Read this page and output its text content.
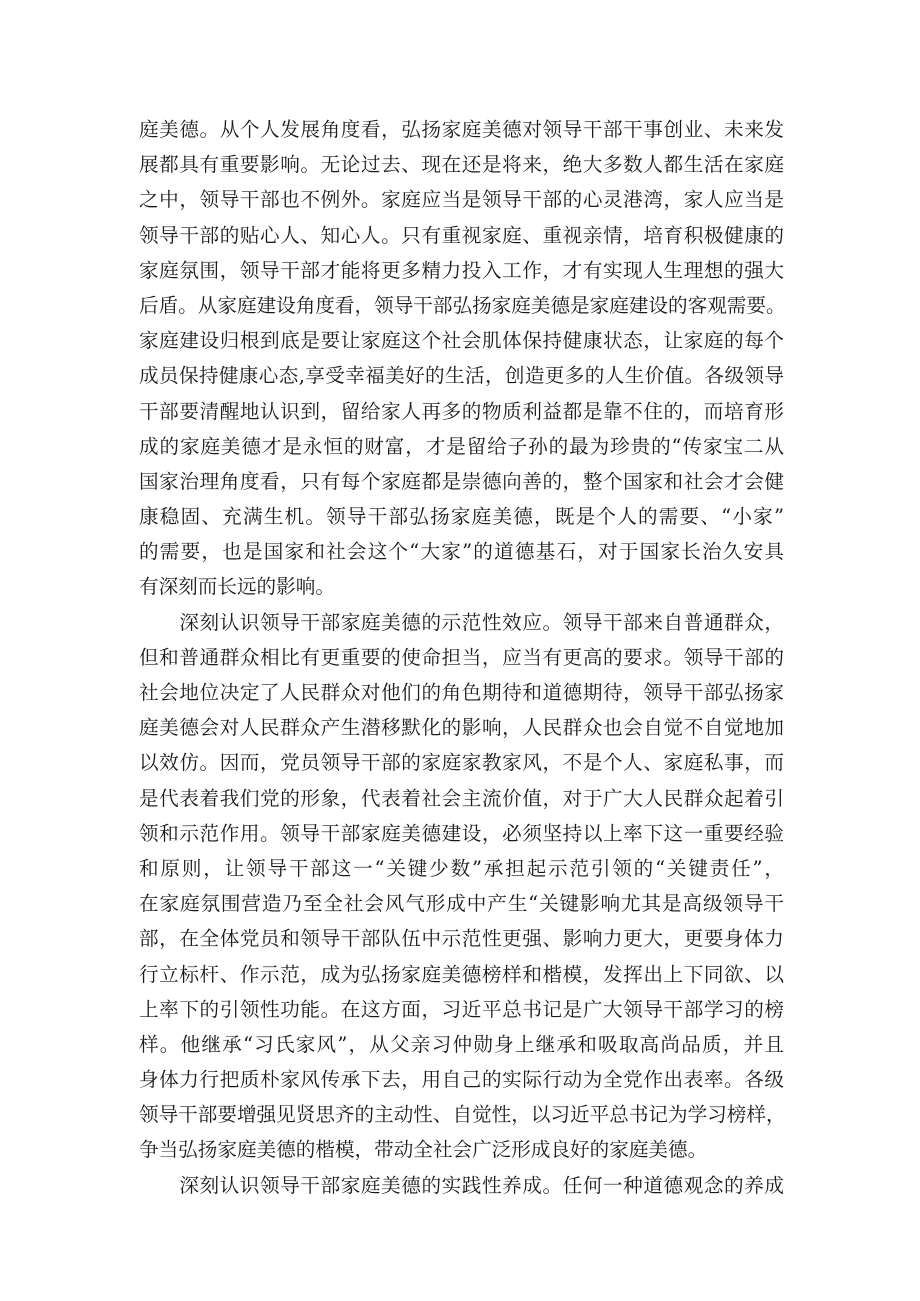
庭美德。从个人发展角度看，弘扬家庭美德对领导干部干事创业、未来发
展都具有重要影响。无论过去、现在还是将来，绝大多数人都生活在家庭
之中，领导干部也不例外。家庭应当是领导干部的心灵港湾，家人应当是
领导干部的贴心人、知心人。只有重视家庭、重视亲情，培育积极健康的
家庭氛围，领导干部才能将更多精力投入工作，才有实现人生理想的强大
后盾。从家庭建设角度看，领导干部弘扬家庭美德是家庭建设的客观需要。
家庭建设归根到底是要让家庭这个社会肌体保持健康状态，让家庭的每个
成员保持健康心态,享受幸福美好的生活，创造更多的人生价值。各级领导
干部要清醒地认识到，留给家人再多的物质利益都是靠不住的，而培育形
成的家庭美德才是永恒的财富，才是留给子孙的最为珍贵的“传家宝二从
国家治理角度看，只有每个家庭都是崇德向善的，整个国家和社会才会健
康稳固、充满生机。领导干部弘扬家庭美德，既是个人的需要、“小家”
的需要，也是国家和社会这个“大家”的道德基石，对于国家长治久安具
有深刻而长远的影响。
　　深刻认识领导干部家庭美德的示范性效应。领导干部来自普通群众，
但和普通群众相比有更重要的使命担当，应当有更高的要求。领导干部的
社会地位决定了人民群众对他们的角色期待和道德期待，领导干部弘扬家
庭美德会对人民群众产生潜移默化的影响，人民群众也会自觉不自觉地加
以效仿。因而，党员领导干部的家庭家教家风，不是个人、家庭私事，而
是代表着我们党的形象，代表着社会主流价值，对于广大人民群众起着引
领和示范作用。领导干部家庭美德建设，必须坚持以上率下这一重要经验
和原则，让领导干部这一“关键少数”承担起示范引领的“关键责任”，
在家庭氛围营造乃至全社会风气形成中产生“关键影响尤其是高级领导干
部，在全体党员和领导干部队伍中示范性更强、影响力更大，更要身体力
行立标杆、作示范，成为弘扬家庭美德榜样和楷模，发挥出上下同欲、以
上率下的引领性功能。在这方面，习近平总书记是广大领导干部学习的榜
样。他继承“习氏家风”，从父亲习仲勋身上继承和吸取高尚品质，并且
身体力行把质朴家风传承下去，用自己的实际行动为全党作出表率。各级
领导干部要增强见贤思齐的主动性、自觉性，以习近平总书记为学习榜样，
争当弘扬家庭美德的楷模，带动全社会广泛形成良好的家庭美德。
　　深刻认识领导干部家庭美德的实践性养成。任何一种道德观念的养成
